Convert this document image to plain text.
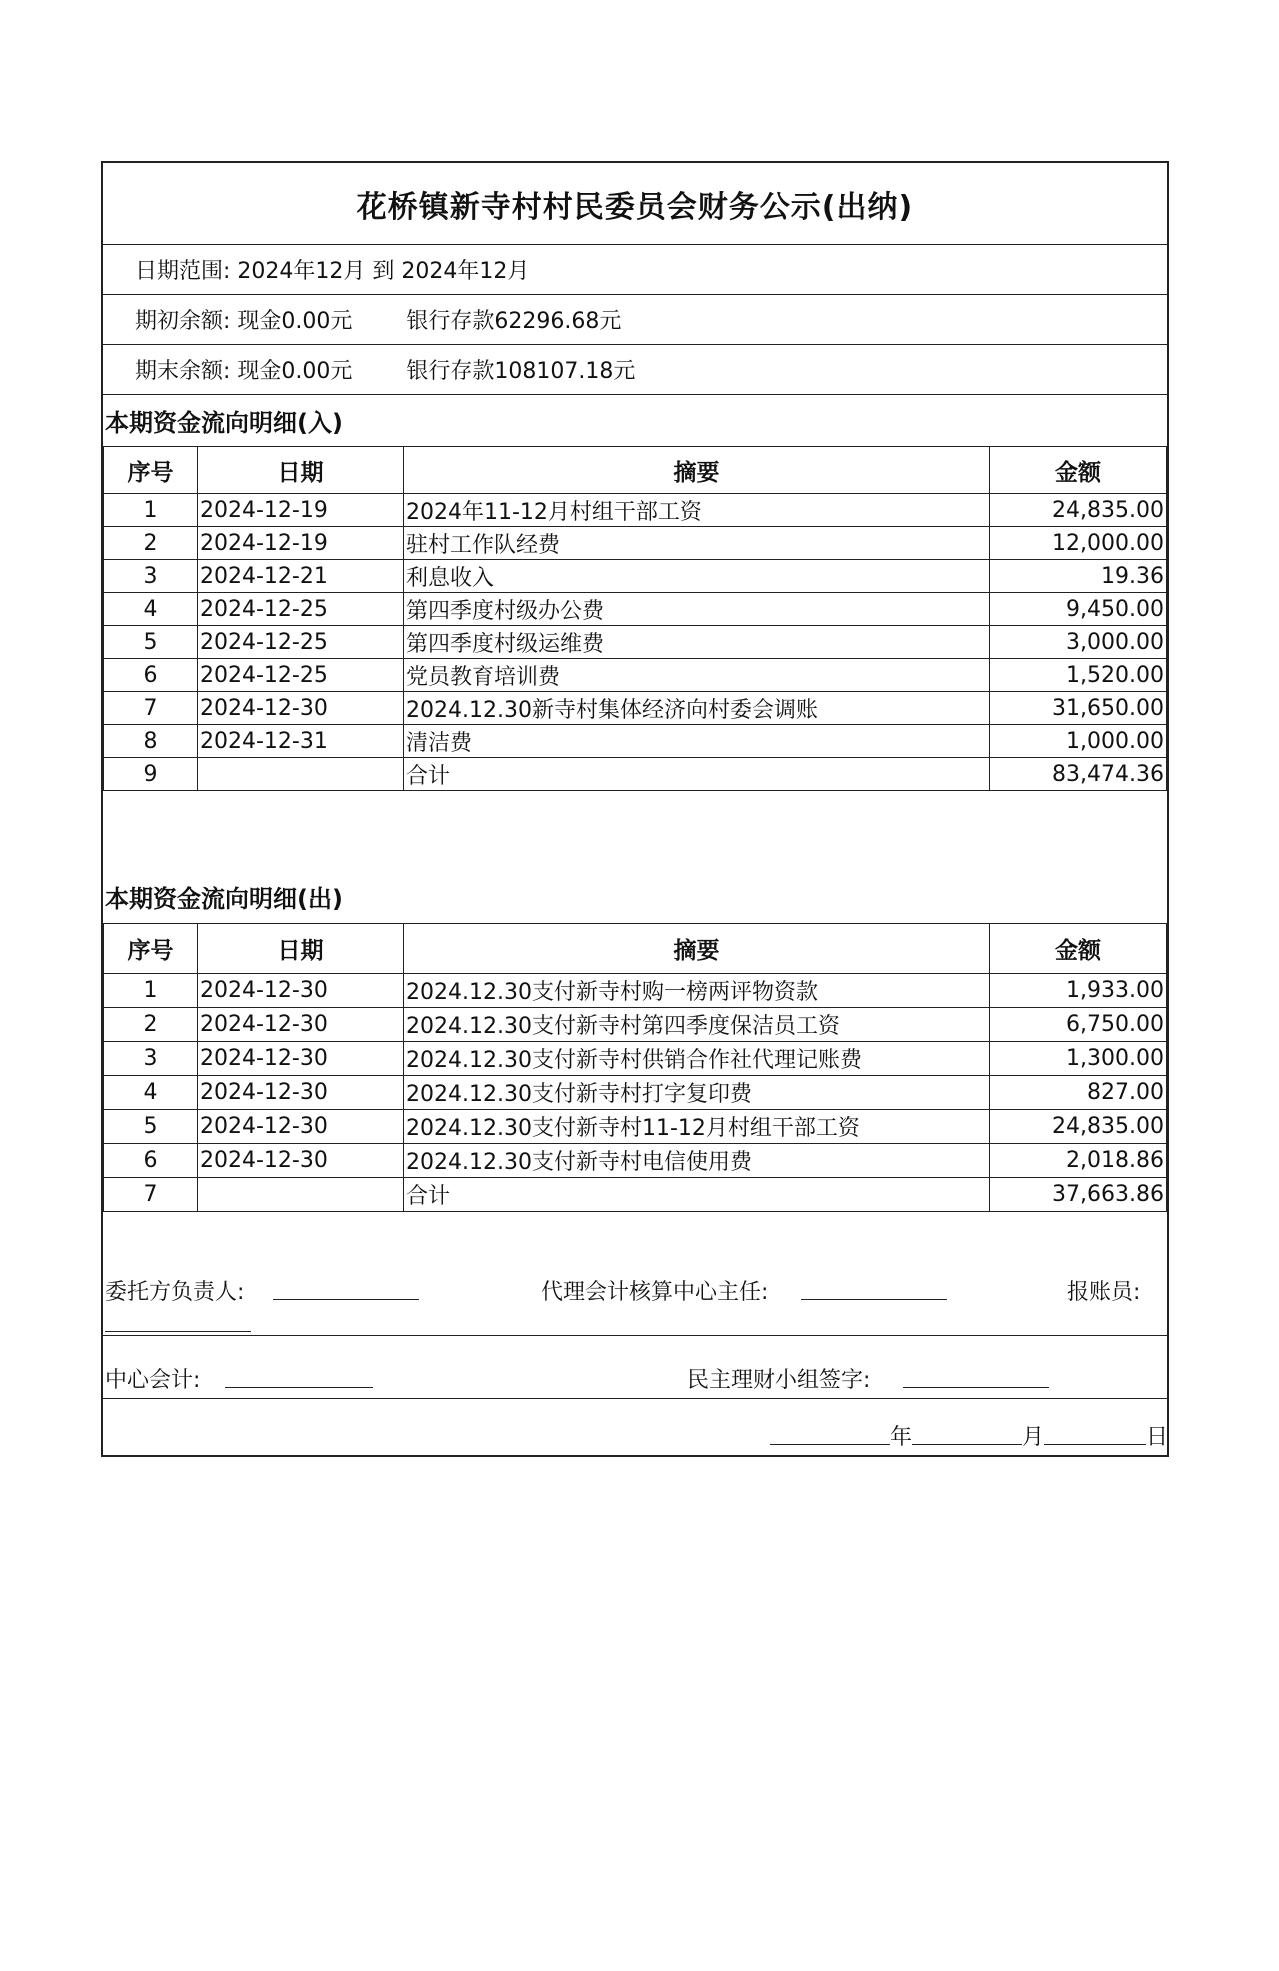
花桥镇新寺村村民委员会财务公示(出纳)
日期范围: 2024年12月 到 2024年12月
期初余额: 现金0.00元 银行存款62296.68元
期末余额: 现金0.00元 银行存款108107.18元
本期资金流向明细(入)
序号	日期	摘要	金额
1	2024-12-19	2024年11-12月村组干部工资	24,835.00
2	2024-12-19	驻村工作队经费	12,000.00
3	2024-12-21	利息收入	19.36
4	2024-12-25	第四季度村级办公费	9,450.00
5	2024-12-25	第四季度村级运维费	3,000.00
6	2024-12-25	党员教育培训费	1,520.00
7	2024-12-30	2024.12.30新寺村集体经济向村委会调账	31,650.00
8	2024-12-31	清洁费	1,000.00
9		合计	83,474.36
本期资金流向明细(出)
序号	日期	摘要	金额
1	2024-12-30	2024.12.30支付新寺村购一榜两评物资款	1,933.00
2	2024-12-30	2024.12.30支付新寺村第四季度保洁员工资	6,750.00
3	2024-12-30	2024.12.30支付新寺村供销合作社代理记账费	1,300.00
4	2024-12-30	2024.12.30支付新寺村打字复印费	827.00
5	2024-12-30	2024.12.30支付新寺村11-12月村组干部工资	24,835.00
6	2024-12-30	2024.12.30支付新寺村电信使用费	2,018.86
7		合计	37,663.86
委托方负责人:	代理会计核算中心主任:	报账员:
中心会计:	民主理财小组签字:
年	月	日
